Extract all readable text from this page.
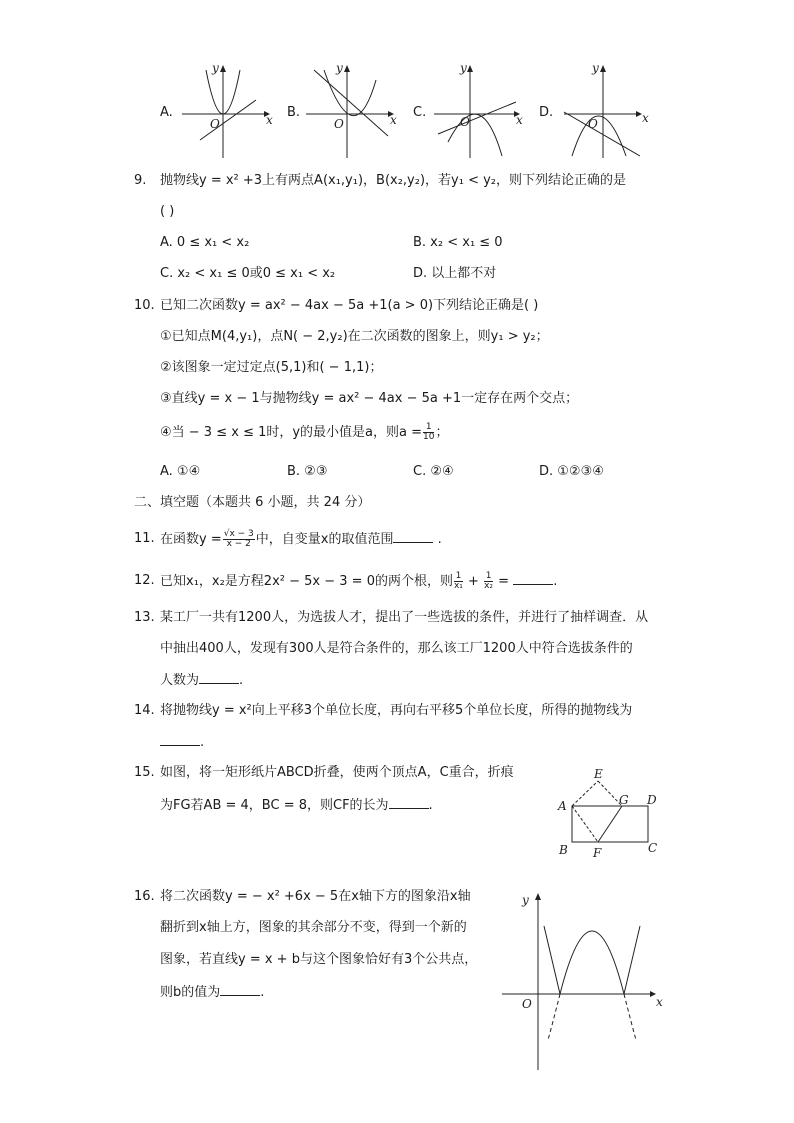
A.	x
y
O
B.	x
y
O
C.	x
y
O
D.	x
y
O
9. 抛物线y = x² +3上有两点A(x₁,y₁)，B(x₂,y₂)，若y₁ < y₂，则下列结论正确的是
( )
A. 0 ≤ x₁ < x₂	B. x₂ < x₁ ≤ 0
C. x₂ < x₁ ≤ 0或0 ≤ x₁ < x₂	D. 以上都不对
10. 已知二次函数y = ax² − 4ax − 5a +1(a > 0)下列结论正确是( )
①已知点M(4,y₁)，点N( − 2,y₂)在二次函数的图象上，则y₁ > y₂；
②该图象一定过定点(5,1)和( − 1,1)；
③直线y = x − 1与抛物线y = ax² − 4ax − 5a +1一定存在两个交点；
④当 − 3 ≤ x ≤ 1时，y的最小值是a，则$a = \frac{1}{10}$ ；
A. ①④	B. ②③	C. ②④	D. ①②③④
二、填空题（本题共 6 小题，共 24 分）
11. 在函数$y = \frac{√x - 3}{x - 2}$ 中，自变量x的取值范围	.
12. 已知x₁，x₂是方程2x² − 5x − 3 = 0的两个根，则 $\frac{1}{\text{x₁}} + \frac{1}{\text{x₂}}$ =	.
13. 某工厂一共有1200人，为选拔人才，提出了一些选拔的条件，并进行了抽样调查．从
中抽出400人，发现有300人是符合条件的，那么该工厂1200人中符合选拔条件的
人数为	.
14. 将抛物线y = x²向上平移3个单位长度，再向右平移5个单位长度，所得的抛物线为
.
15. 如图，将一矩形纸片ABCD折叠，使两个顶点A，C重合，折痕
为FG若AB = 4，BC = 8，则CF的长为	.
E
A	G D
B F	C
16. 将二次函数y = − x² +6x − 5在x轴下方的图象沿x轴
翻折到x轴上方，图象的其余部分不变，得到一个新的
图象，若直线y = x + b与这个图象恰好有3个公共点，
则b的值为	.
x
y
O
